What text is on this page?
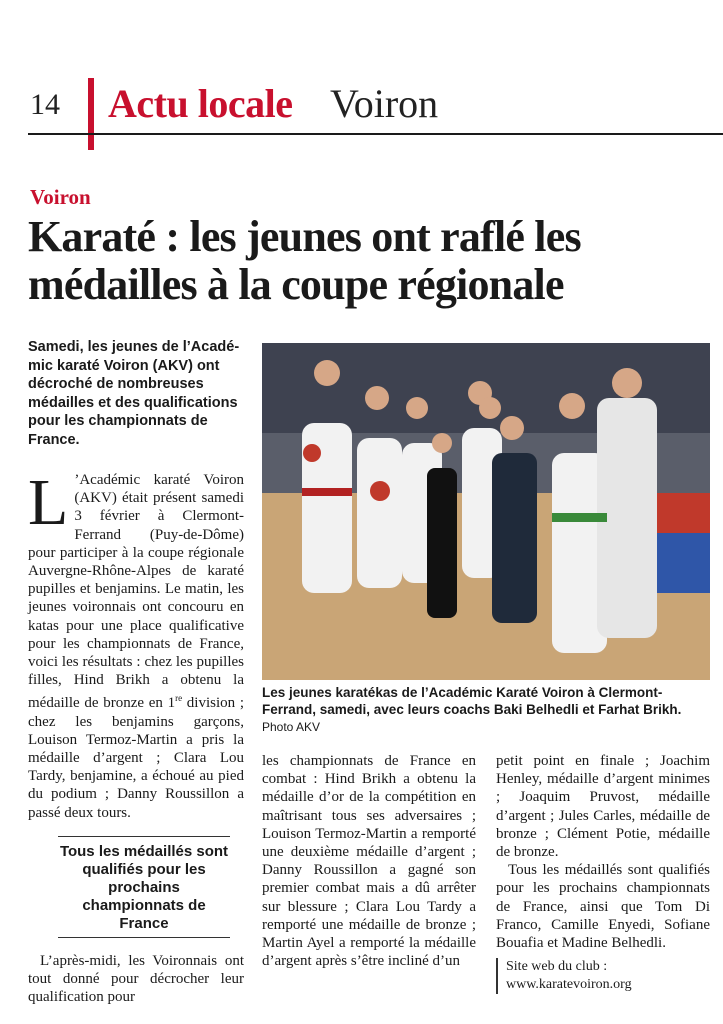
14 Actu locale Voiron
Voiron
Karaté : les jeunes ont raflé les médailles à la coupe régionale

Samedi, les jeunes de l’Académic karaté Voiron (AKV) ont décroché de nombreuses médailles et des qualifications pour les championnats de France.

L ’Académic karaté Voiron (AKV) était présent samedi 3 février à Clermont-Ferrand (Puy-de-Dôme) pour participer à la coupe régionale Auvergne-Rhône-Alpes de karaté pupilles et benjamins. Le matin, les jeunes voironnais ont concouru en katas pour une place qualificative pour les championnats de France, voici les résultats : chez les pupilles filles, Hind Brikh a obtenu la médaille de bronze en 1re division ; chez les benjamins garçons, Louison Termoz-Martin a pris la médaille d’argent ; Clara Lou Tardy, benjamine, a échoué au pied du podium ; Danny Roussillon a passé deux tours.

Tous les médaillés sont qualifiés pour les prochains championnats de France

L’après-midi, les Voironnais ont tout donné pour décrocher leur qualification pour

Les jeunes karatékas de l’Académic Karaté Voiron à Clermont-Ferrand, samedi, avec leurs coachs Baki Belhedli et Farhat Brikh. Photo AKV

les championnats de France en combat : Hind Brikh a obtenu la médaille d’or de la compétition en maîtrisant tous ses adversaires ; Louison Termoz-Martin a remporté une deuxième médaille d’argent ; Danny Roussillon a gagné son premier combat mais a dû arrêter sur blessure ; Clara Lou Tardy a remporté une médaille de bronze ; Martin Ayel a remporté la médaille d’argent après s’être incliné d’un

petit point en finale ; Joachim Henley, médaille d’argent minimes ; Joaquim Pruvost, médaille d’argent ; Jules Carles, médaille de bronze ; Clément Potie, médaille de bronze.

Tous les médaillés sont qualifiés pour les prochains championnats de France, ainsi que Tom Di Franco, Camille Enyedi, Sofiane Bouafia et Madine Belhedli.

Site web du club :
www.karatevoiron.org
